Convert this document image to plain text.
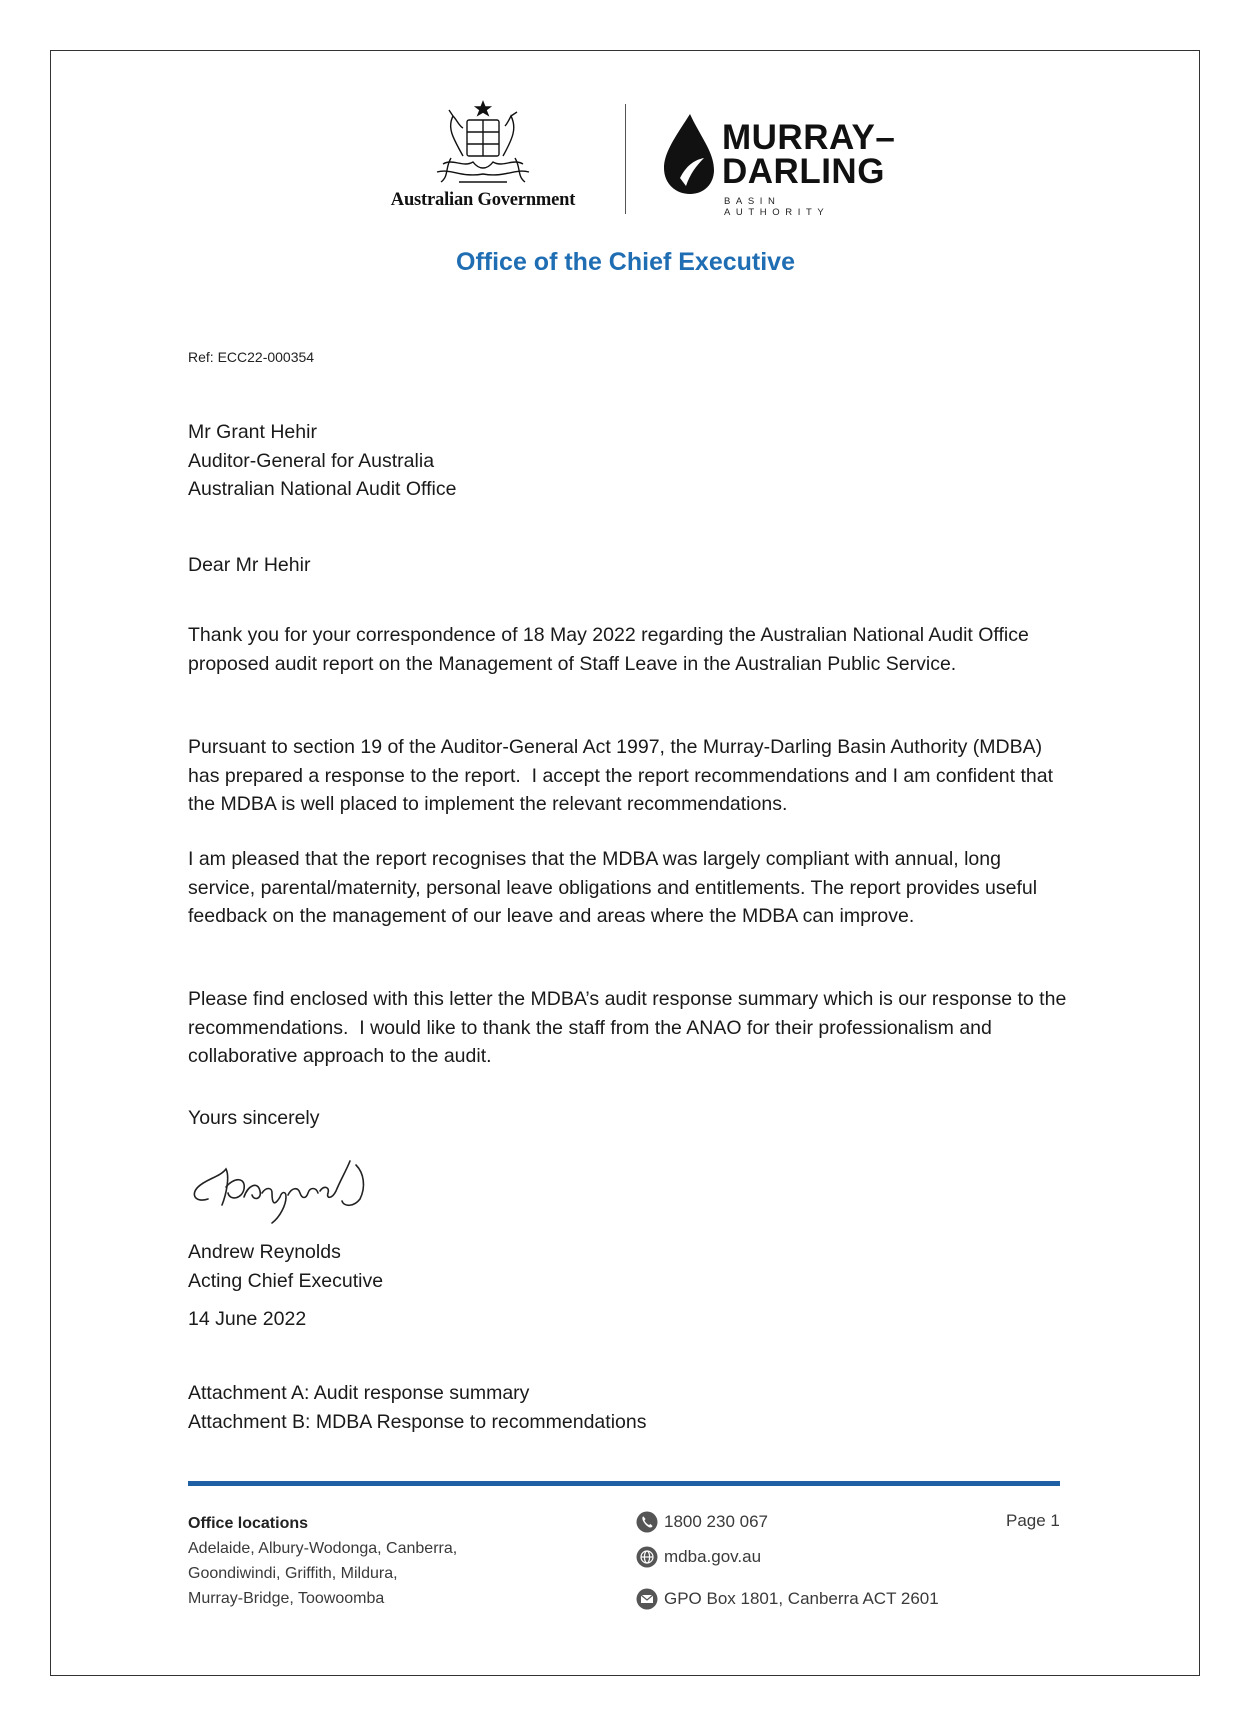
Australian Government
MURRAY–
DARLING
BASIN AUTHORITY
Office of the Chief Executive
Ref: ECC22-000354

Mr Grant Hehir

Auditor-General for Australia

Australian National Audit Office

Dear Mr Hehir
Thank you for your correspondence of 18 May 2022 regarding the Australian National Audit Office proposed audit report on the Management of Staff Leave in the Australian Public Service.
Pursuant to section 19 of the Auditor-General Act 1997, the Murray-Darling Basin Authority (MDBA) has prepared a response to the report.  I accept the report recommendations and I am confident that the MDBA is well placed to implement the relevant recommendations.
I am pleased that the report recognises that the MDBA was largely compliant with annual, long service, parental/maternity, personal leave obligations and entitlements. The report provides useful feedback on the management of our leave and areas where the MDBA can improve.
Please find enclosed with this letter the MDBA’s audit response summary which is our response to the recommendations.  I would like to thank the staff from the ANAO for their professionalism and collaborative approach to the audit.
Yours sincerely

Andrew Reynolds

Acting Chief Executive

14 June 2022

Attachment A: Audit response summary

Attachment B: MDBA Response to recommendations

Office locations
Adelaide, Albury-Wodonga, Canberra,
Goondiwindi, Griffith, Mildura,
Murray-Bridge, Toowoomba
1800 230 067
mdba.gov.au
GPO Box 1801, Canberra ACT 2601
Page 1
